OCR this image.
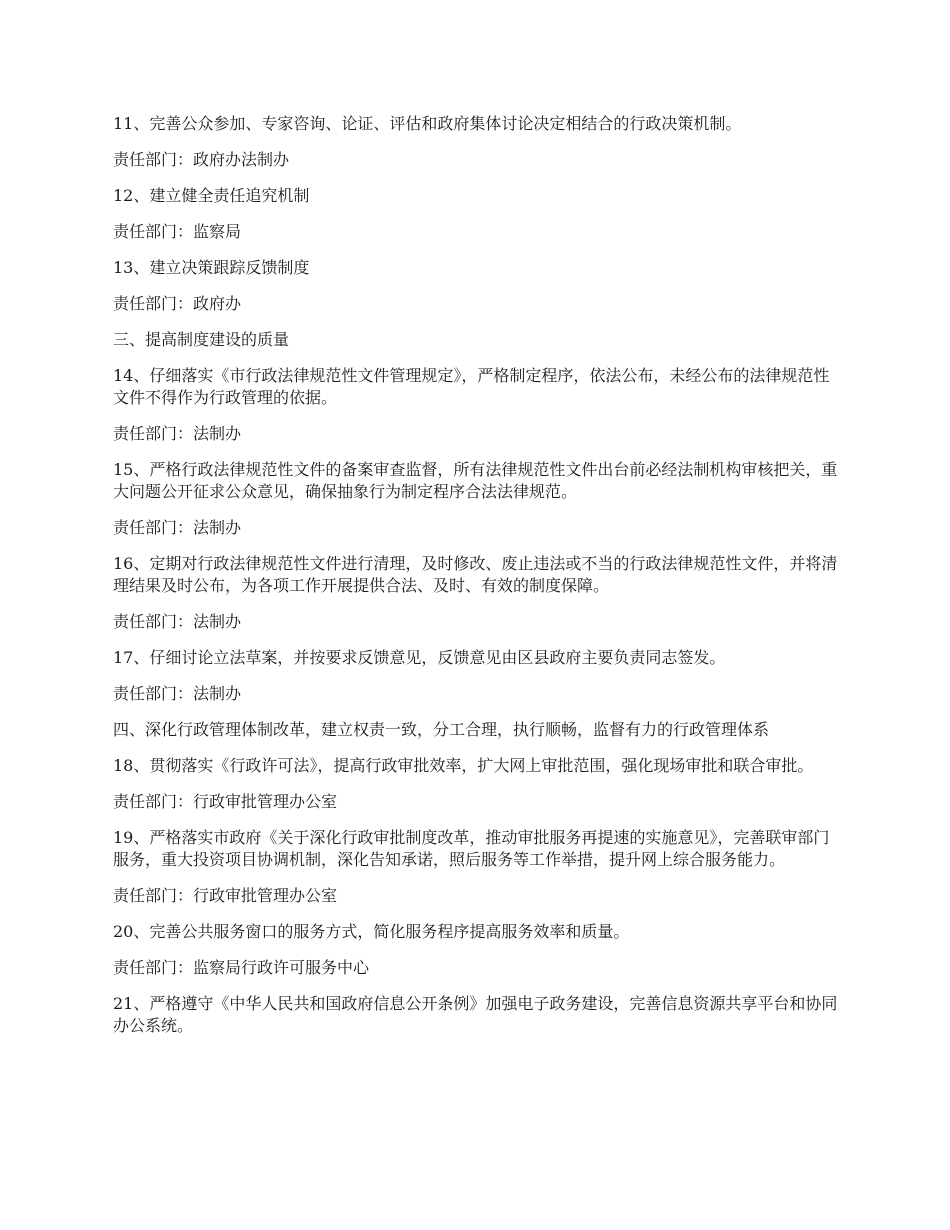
11、完善公众参加、专家咨询、论证、评估和政府集体讨论决定相结合的行政决策机制。

责任部门：政府办法制办

12、建立健全责任追究机制

责任部门：监察局

13、建立决策跟踪反馈制度

责任部门：政府办

三、提高制度建设的质量

14、仔细落实《市行政法律规范性文件管理规定》，严格制定程序，依法公布，未经公布的法律规范性文件不得作为行政管理的依据。

责任部门：法制办

15、严格行政法律规范性文件的备案审查监督，所有法律规范性文件出台前必经法制机构审核把关，重大问题公开征求公众意见，确保抽象行为制定程序合法法律规范。

责任部门：法制办

16、定期对行政法律规范性文件进行清理，及时修改、废止违法或不当的行政法律规范性文件，并将清理结果及时公布，为各项工作开展提供合法、及时、有效的制度保障。

责任部门：法制办

17、仔细讨论立法草案，并按要求反馈意见，反馈意见由区县政府主要负责同志签发。

责任部门：法制办

四、深化行政管理体制改革，建立权责一致，分工合理，执行顺畅，监督有力的行政管理体系

18、贯彻落实《行政许可法》，提高行政审批效率，扩大网上审批范围，强化现场审批和联合审批。

责任部门：行政审批管理办公室

19、严格落实市政府《关于深化行政审批制度改革，推动审批服务再提速的实施意见》，完善联审部门服务，重大投资项目协调机制，深化告知承诺，照后服务等工作举措，提升网上综合服务能力。

责任部门：行政审批管理办公室

20、完善公共服务窗口的服务方式，简化服务程序提高服务效率和质量。

责任部门：监察局行政许可服务中心

21、严格遵守《中华人民共和国政府信息公开条例》加强电子政务建设，完善信息资源共享平台和协同办公系统。
